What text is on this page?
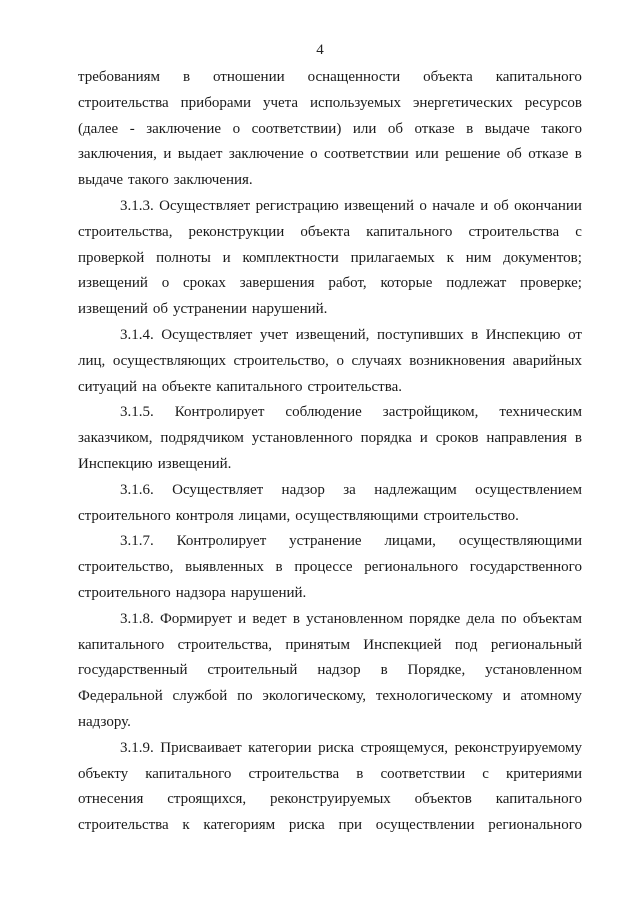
4
требованиям в отношении оснащенности объекта капитального
строительства приборами учета используемых энергетических ресурсов
(далее - заключение о соответствии) или об отказе в выдаче такого
заключения, и выдает заключение о соответствии или решение об отказе в
выдаче такого заключения.
3.1.3. Осуществляет регистрацию извещений о начале и об окончании
строительства, реконструкции объекта капитального строительства с
проверкой полноты и комплектности прилагаемых к ним документов;
извещений о сроках завершения работ, которые подлежат проверке;
извещений об устранении нарушений.
3.1.4. Осуществляет учет извещений, поступивших в Инспекцию от
лиц, осуществляющих строительство, о случаях возникновения аварийных
ситуаций на объекте капитального строительства.
3.1.5. Контролирует соблюдение застройщиком, техническим
заказчиком, подрядчиком установленного порядка и сроков направления в
Инспекцию извещений.
3.1.6. Осуществляет надзор за надлежащим осуществлением
строительного контроля лицами, осуществляющими строительство.
3.1.7. Контролирует устранение лицами, осуществляющими
строительство, выявленных в процессе регионального государственного
строительного надзора нарушений.
3.1.8. Формирует и ведет в установленном порядке дела по объектам
капитального строительства, принятым Инспекцией под региональный
государственный строительный надзор в Порядке, установленном
Федеральной службой по экологическому, технологическому и атомному
надзору.
3.1.9. Присваивает категории риска строящемуся, реконструируемому
объекту капитального строительства в соответствии с критериями
отнесения строящихся, реконструируемых объектов капитального
строительства к категориям риска при осуществлении регионального
